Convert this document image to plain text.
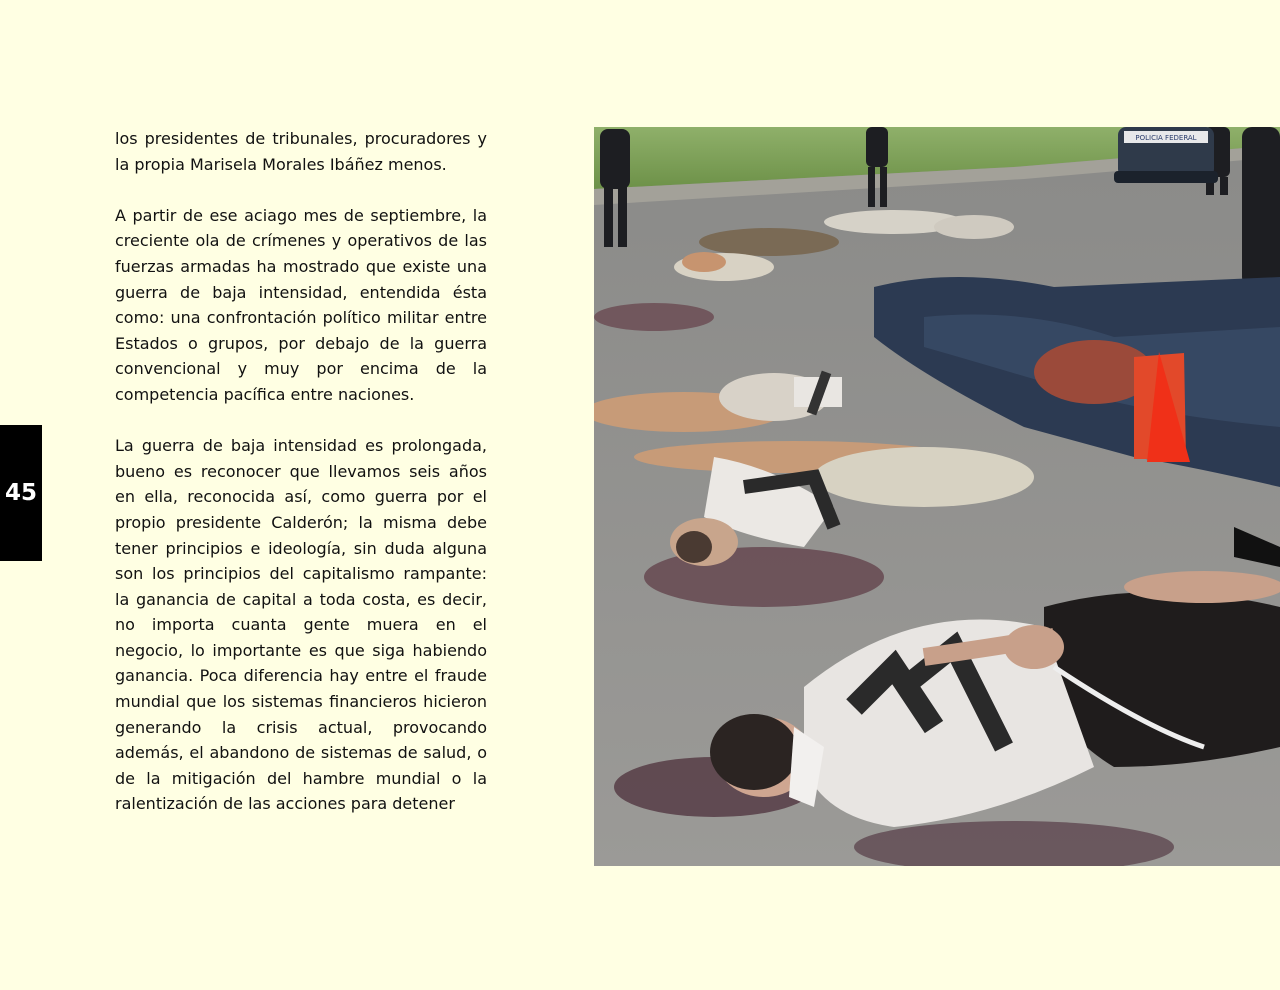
45

los presidentes de tribunales, procuradores y la propia Marisela Morales Ibáñez menos.

A partir de ese aciago mes de septiembre, la creciente ola de crímenes y operativos de las fuerzas armadas ha mostrado que existe una guerra de baja intensidad, entendida ésta como: una confrontación político militar entre Estados o grupos, por debajo de la guerra convencional y muy por encima de la competencia pacífica entre naciones.

La guerra de baja intensidad es prolongada, bueno es reconocer que llevamos seis años en ella, reconocida así, como guerra por el propio presidente Calderón; la misma debe tener principios e ideología, sin duda alguna son los principios del capitalismo rampante: la ganancia de capital a toda costa, es decir, no importa cuanta gente muera en el negocio, lo importante es que siga habiendo ganancia. Poca diferencia hay entre el fraude mundial que los sistemas financieros hicieron generando la crisis actual, provocando además, el abandono de sistemas de salud, o de la mitigación del hambre mundial o la ralentización de las acciones para detener

POLICIA FEDERAL
